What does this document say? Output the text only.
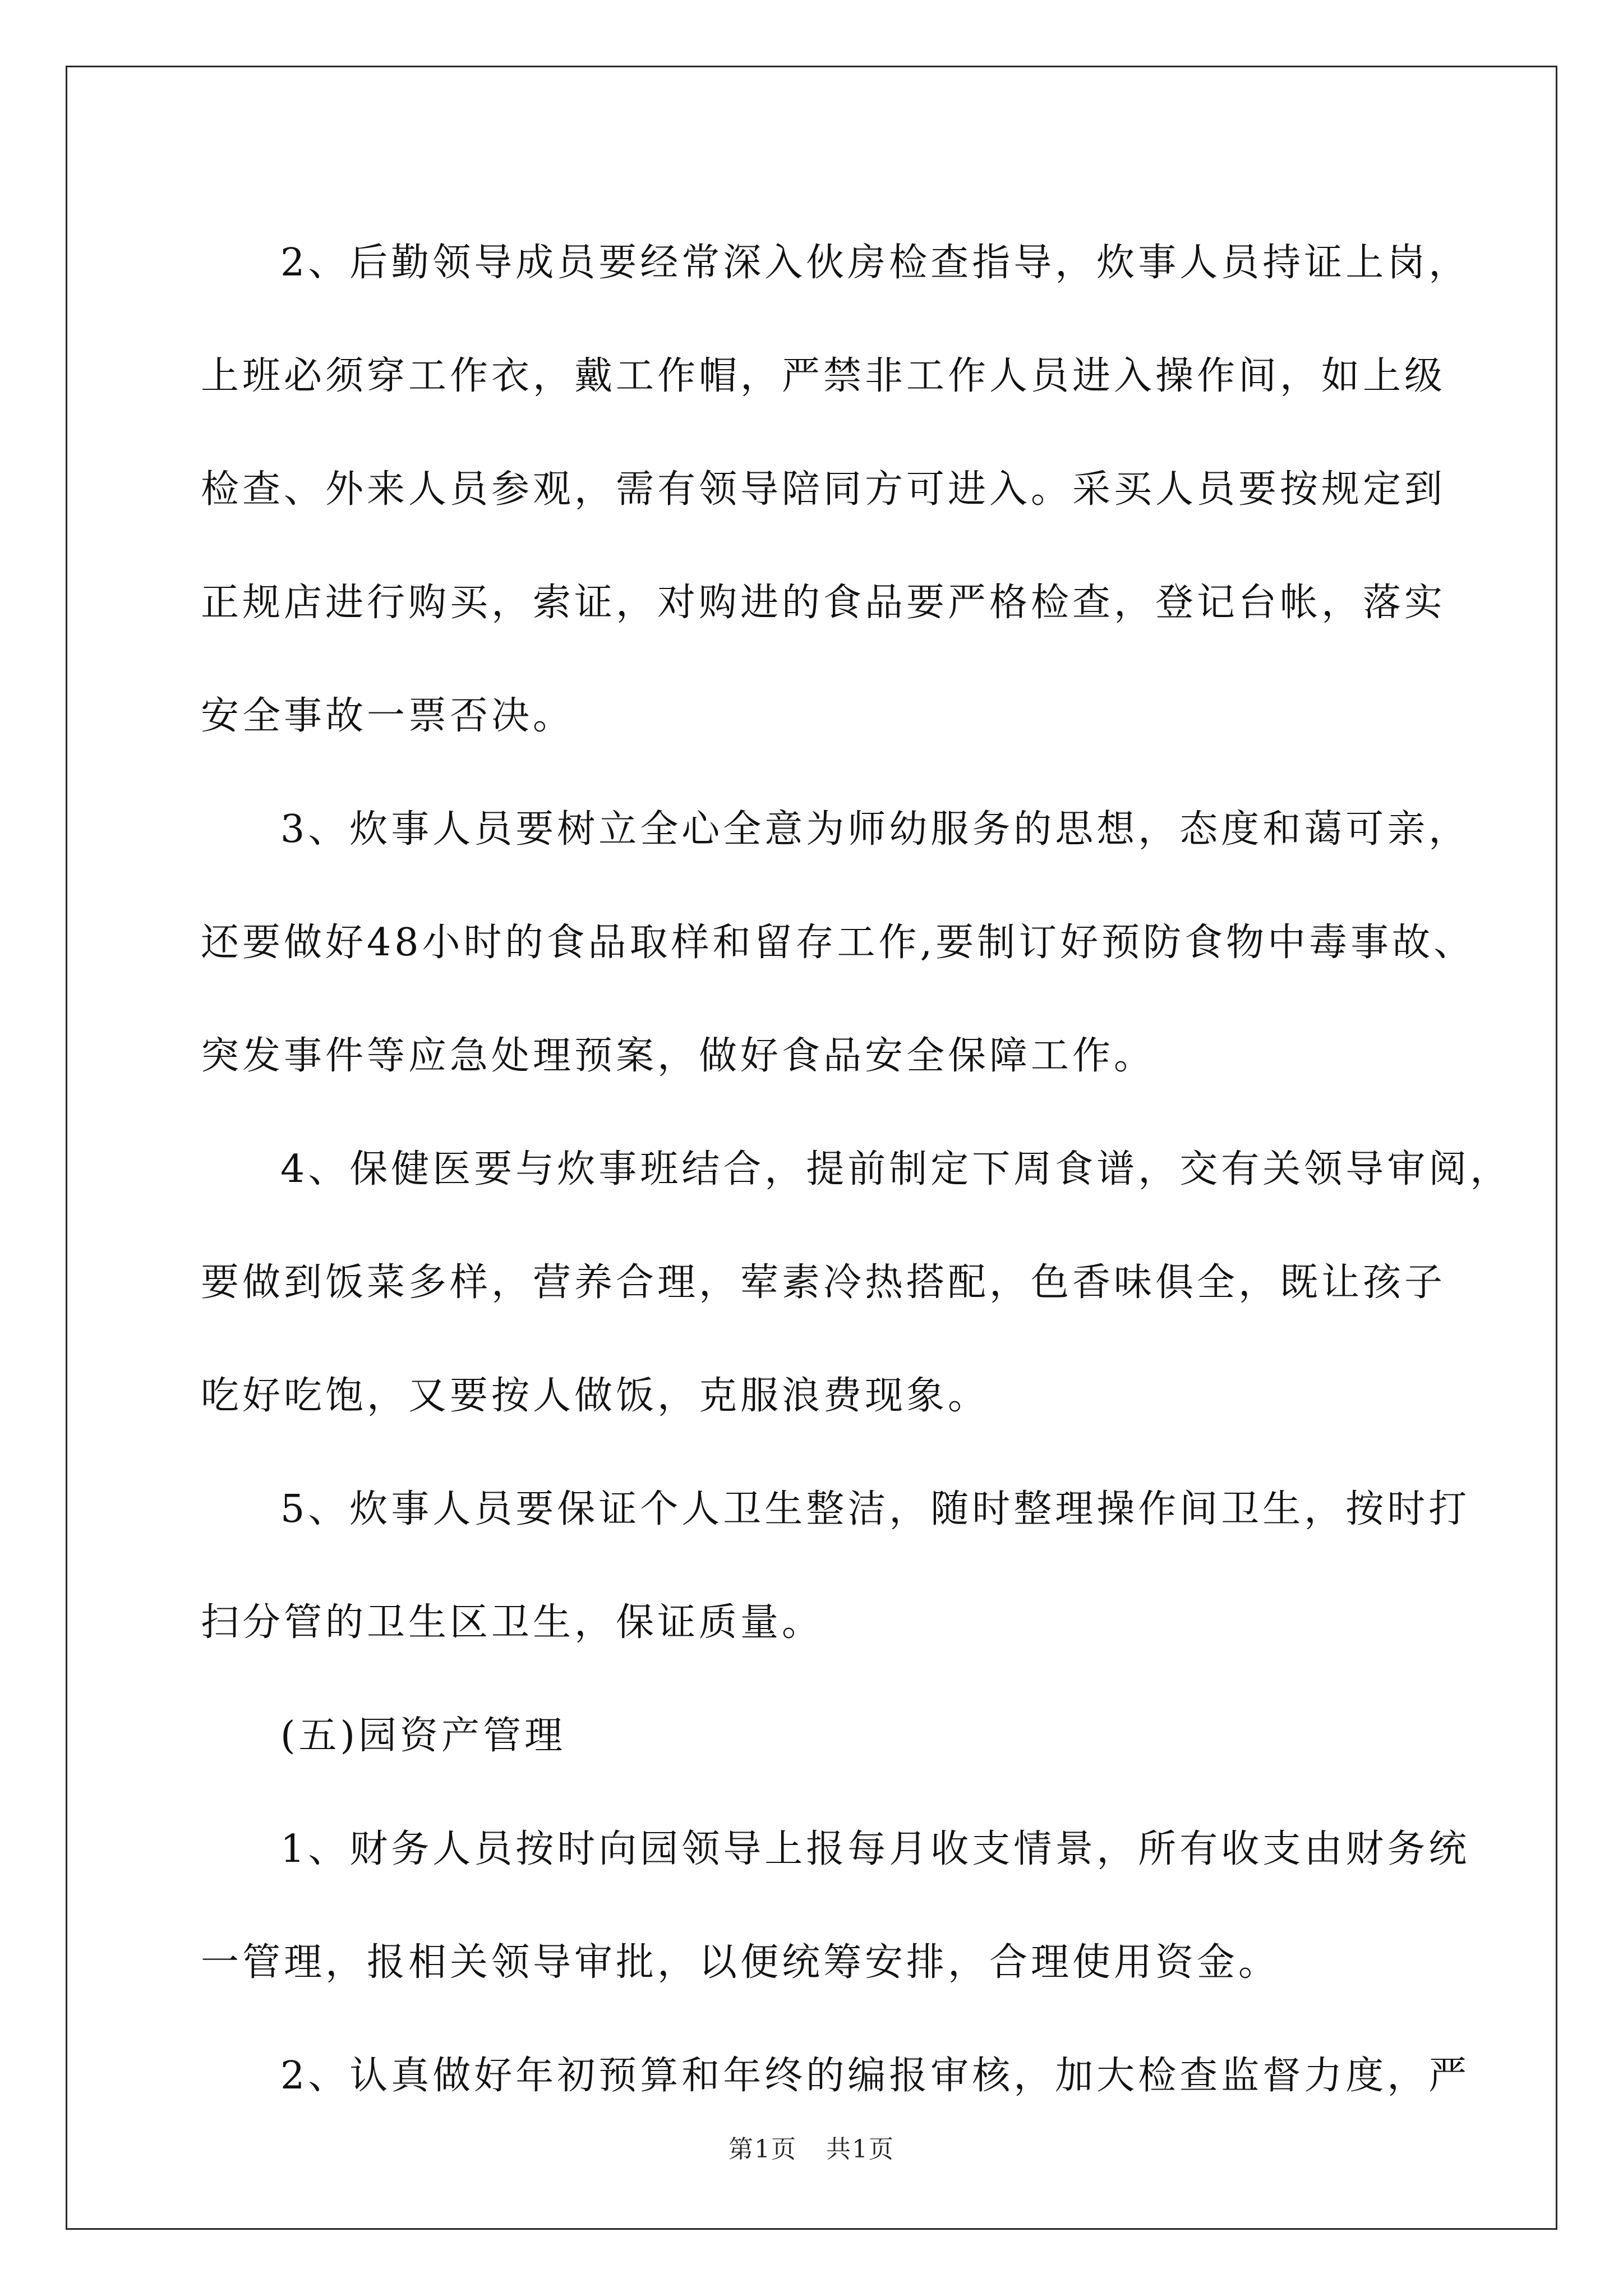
2、后勤领导成员要经常深入伙房检查指导，炊事人员持证上岗，
上班必须穿工作衣，戴工作帽，严禁非工作人员进入操作间，如上级
检查、外来人员参观，需有领导陪同方可进入。采买人员要按规定到
正规店进行购买，索证，对购进的食品要严格检查，登记台帐，落实
安全事故一票否决。

3、炊事人员要树立全心全意为师幼服务的思想，态度和蔼可亲，
还要做好48小时的食品取样和留存工作,要制订好预防食物中毒事故、
突发事件等应急处理预案，做好食品安全保障工作。

4、保健医要与炊事班结合，提前制定下周食谱，交有关领导审阅，
要做到饭菜多样，营养合理，荤素冷热搭配，色香味俱全，既让孩子
吃好吃饱，又要按人做饭，克服浪费现象。

5、炊事人员要保证个人卫生整洁，随时整理操作间卫生，按时打
扫分管的卫生区卫生，保证质量。

(五)园资产管理

1、财务人员按时向园领导上报每月收支情景，所有收支由财务统
一管理，报相关领导审批，以便统筹安排，合理使用资金。

2、认真做好年初预算和年终的编报审核，加大检查监督力度，严

第1页 共1页
